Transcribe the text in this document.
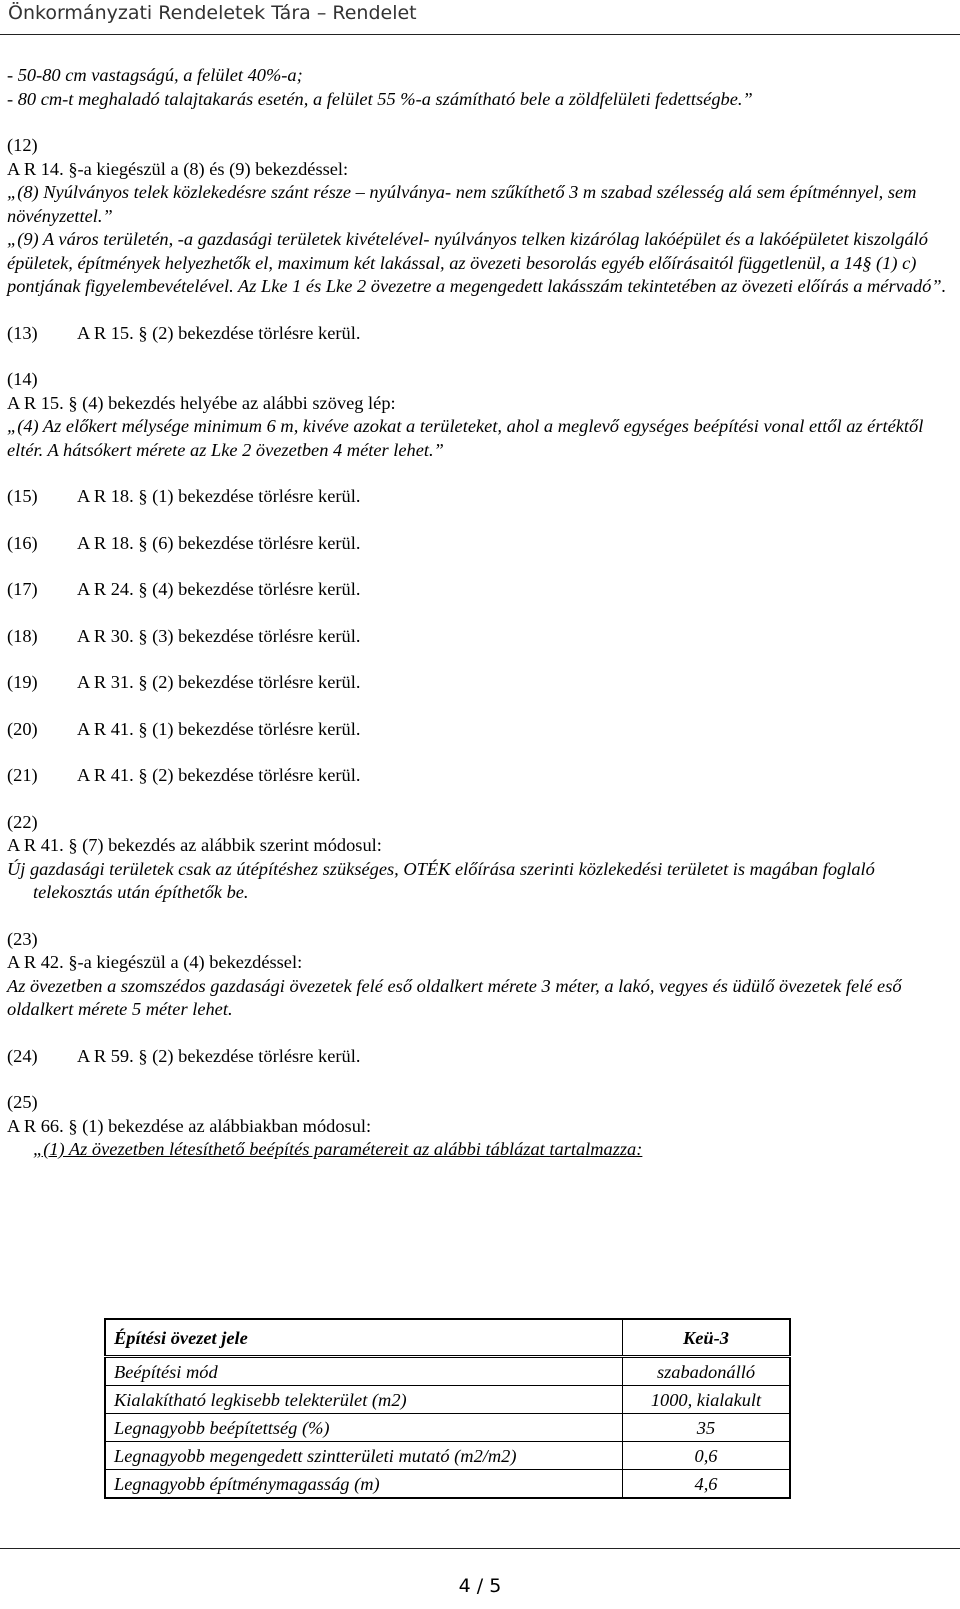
Önkormányzati Rendeletek Tára – Rendelet

- 50-80 cm vastagságú, a felület 40%-a;

- 80 cm-t meghaladó talajtakarás esetén, a felület 55 %-a számítható bele a zöldfelületi fedettségbe.”

(12)

A R 14. §-a kiegészül a (8) és (9) bekezdéssel:

„(8) Nyúlványos telek közlekedésre szánt része – nyúlványa- nem szűkíthető 3 m szabad szélesség alá sem építménnyel, sem növényzettel.”

„(9) A város területén, -a gazdasági területek kivételével- nyúlványos telken kizárólag lakóépület és a lakóépületet kiszolgáló épületek, építmények helyezhetők el, maximum két lakással, az övezeti besorolás egyéb előírásaitól függetlenül, a 14§ (1) c) pontjának figyelembevételével. Az Lke 1 és Lke 2 övezetre a megengedett lakásszám tekintetében az övezeti előírás a mérvadó”.

(13) A R 15. § (2) bekezdése törlésre kerül.

(14)

A R 15. § (4) bekezdés helyébe az alábbi szöveg lép:

„(4) Az előkert mélysége minimum 6 m, kivéve azokat a területeket, ahol a meglevő egységes beépítési vonal ettől az értéktől eltér. A hátsókert mérete az Lke 2 övezetben 4 méter lehet.”

(15) A R 18. § (1) bekezdése törlésre kerül.

(16) A R 18. § (6) bekezdése törlésre kerül.

(17) A R 24. § (4) bekezdése törlésre kerül.

(18) A R 30. § (3) bekezdése törlésre kerül.

(19) A R 31. § (2) bekezdése törlésre kerül.

(20) A R 41. § (1) bekezdése törlésre kerül.

(21) A R 41. § (2) bekezdése törlésre kerül.

(22)

A R 41. § (7) bekezdés az alábbik szerint módosul:

Új gazdasági területek csak az útépítéshez szükséges, OTÉK előírása szerinti közlekedési területet is magában foglaló telekosztás után építhetők be.

(23)

A R 42. §-a kiegészül a (4) bekezdéssel:

Az övezetben a szomszédos gazdasági övezetek felé eső oldalkert mérete 3 méter, a lakó, vegyes és üdülő övezetek felé eső oldalkert mérete 5 méter lehet.

(24) A R 59. § (2) bekezdése törlésre kerül.

(25)

A R 66. § (1) bekezdése az alábbiakban módosul:

„(1) Az övezetben létesíthető beépítés paramétereit az alábbi táblázat tartalmazza:

Építési övezet jele	Keü-3
Beépítési mód	szabadonálló
Kialakítható legkisebb telekterület (m2)	1000, kialakult
Legnagyobb beépítettség (%)	35
Legnagyobb megengedett szintterületi mutató (m2/m2)	0,6
Legnagyobb építménymagasság (m)	4,6
4 / 5
